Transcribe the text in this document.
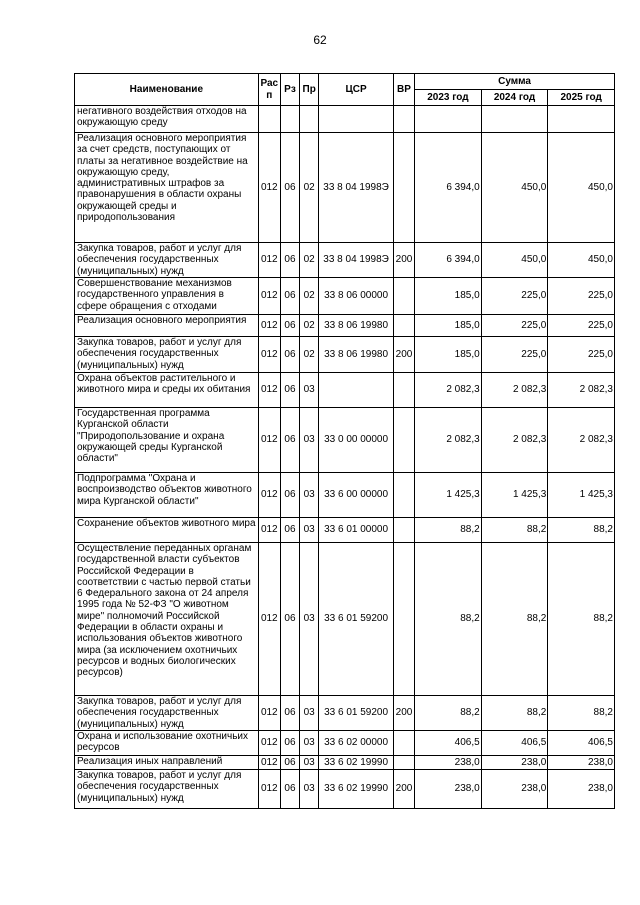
62
Наименование	Рас п	Рз	Пр	ЦСР	ВР	Сумма		
						2023 год	2024 год	2025 год
негативного воздействия отходов на окружающую среду								
Реализация основного мероприятия за счет средств, поступающих от платы за негативное воздействие на окружающую среду, административных штрафов за правонарушения в области охраны окружающей среды и природопользования	012	06	02	33 8 04 1998Э		6 394,0	450,0	450,0
Закупка товаров, работ и услуг для обеспечения государственных (муниципальных) нужд	012	06	02	33 8 04 1998Э	200	6 394,0	450,0	450,0
Совершенствование механизмов государственного управления в сфере обращения с отходами	012	06	02	33 8 06 00000		185,0	225,0	225,0
Реализация основного мероприятия	012	06	02	33 8 06 19980		185,0	225,0	225,0
Закупка товаров, работ и услуг для обеспечения государственных (муниципальных) нужд	012	06	02	33 8 06 19980	200	185,0	225,0	225,0
Охрана объектов растительного и животного мира и среды их обитания	012	06	03			2 082,3	2 082,3	2 082,3
Государственная программа Курганской области "Природопользование и охрана окружающей среды Курганской области"	012	06	03	33 0 00 00000		2 082,3	2 082,3	2 082,3
Подпрограмма "Охрана и воспроизводство объектов животного мира Курганской области"	012	06	03	33 6 00 00000		1 425,3	1 425,3	1 425,3
Сохранение объектов животного мира	012	06	03	33 6 01 00000		88,2	88,2	88,2
Осуществление переданных органам государственной власти субъектов Российской Федерации в соответствии с частью первой статьи 6 Федерального закона от 24 апреля 1995 года № 52-ФЗ "О животном мире" полномочий Российской Федерации в области охраны и использования объектов животного мира (за исключением охотничьих ресурсов и водных биологических ресурсов)	012	06	03	33 6 01 59200		88,2	88,2	88,2
Закупка товаров, работ и услуг для обеспечения государственных (муниципальных) нужд	012	06	03	33 6 01 59200	200	88,2	88,2	88,2
Охрана и использование охотничьих ресурсов	012	06	03	33 6 02 00000		406,5	406,5	406,5
Реализация иных направлений	012	06	03	33 6 02 19990		238,0	238,0	238,0
Закупка товаров, работ и услуг для обеспечения государственных (муниципальных) нужд	012	06	03	33 6 02 19990	200	238,0	238,0	238,0
